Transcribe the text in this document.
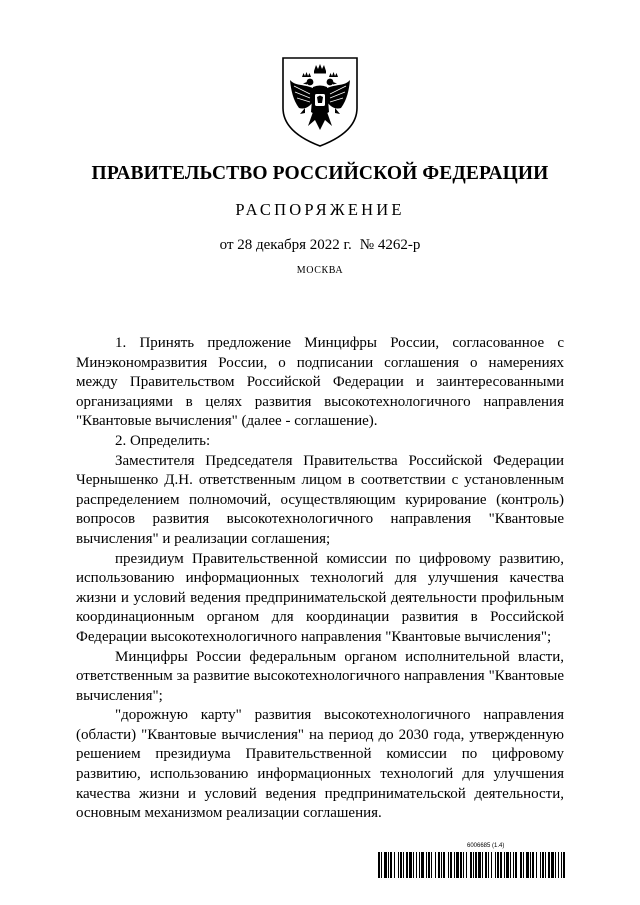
ПРАВИТЕЛЬСТВО РОССИЙСКОЙ ФЕДЕРАЦИИ
РАСПОРЯЖЕНИЕ
от 28 декабря 2022 г. № 4262-р
МОСКВА

1. Принять предложение Минцифры России, согласованное с Минэкономразвития России, о подписании соглашения о намерениях между Правительством Российской Федерации и заинтересованными организациями в целях развития высокотехнологичного направления "Квантовые вычисления" (далее - соглашение).

2. Определить:

Заместителя Председателя Правительства Российской Федерации Чернышенко Д.Н. ответственным лицом в соответствии с установленным распределением полномочий, осуществляющим курирование (контроль) вопросов развития высокотехнологичного направления "Квантовые вычисления" и реализации соглашения;

президиум Правительственной комиссии по цифровому развитию, использованию информационных технологий для улучшения качества жизни и условий ведения предпринимательской деятельности профильным координационным органом для координации развития в Российской Федерации высокотехнологичного направления "Квантовые вычисления";

Минцифры России федеральным органом исполнительной власти, ответственным за развитие высокотехнологичного направления "Квантовые вычисления";

"дорожную карту" развития высокотехнологичного направления (области) "Квантовые вычисления" на период до 2030 года, утвержденную решением президиума Правительственной комиссии по цифровому развитию, использованию информационных технологий для улучшения качества жизни и условий ведения предпринимательской деятельности, основным механизмом реализации соглашения.

6006685 (1.4)
